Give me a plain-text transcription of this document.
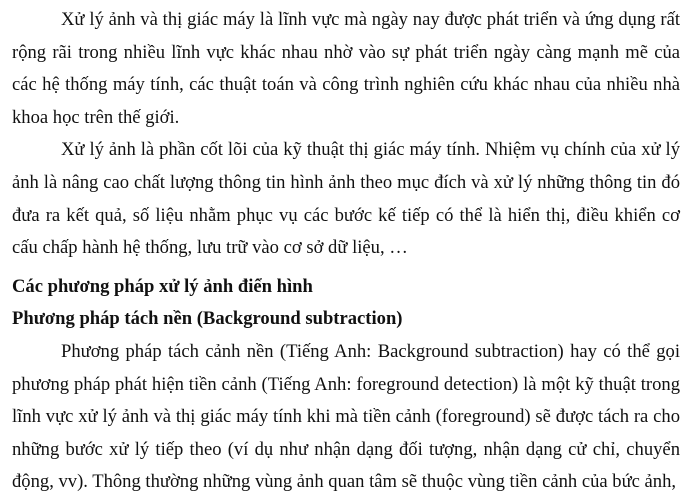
Xử lý ảnh và thị giác máy là lĩnh vực mà ngày nay được phát triển và ứng dụng rất rộng rãi trong nhiều lĩnh vực khác nhau nhờ vào sự phát triển ngày càng mạnh mẽ của các hệ thống máy tính, các thuật toán và công trình nghiên cứu khác nhau của nhiều nhà khoa học trên thế giới.

Xử lý ảnh là phần cốt lõi của kỹ thuật thị giác máy tính. Nhiệm vụ chính của xử lý ảnh là nâng cao chất lượng thông tin hình ảnh theo mục đích và xử lý những thông tin đó đưa ra kết quả, số liệu nhằm phục vụ các bước kế tiếp có thể là hiển thị, điều khiển cơ cấu chấp hành hệ thống, lưu trữ vào cơ sở dữ liệu, …

Các phương pháp xử lý ảnh điển hình

Phương pháp tách nền (Background subtraction)

Phương pháp tách cảnh nền (Tiếng Anh: Background subtraction) hay có thể gọi phương pháp phát hiện tiền cảnh (Tiếng Anh: foreground detection) là một kỹ thuật trong lĩnh vực xử lý ảnh và thị giác máy tính khi mà tiền cảnh (foreground) sẽ được tách ra cho những bước xử lý tiếp theo (ví dụ như nhận dạng đối tượng, nhận dạng cử chỉ, chuyển động, vv). Thông thường những vùng ảnh quan tâm sẽ thuộc vùng tiền cảnh của bức ảnh,
